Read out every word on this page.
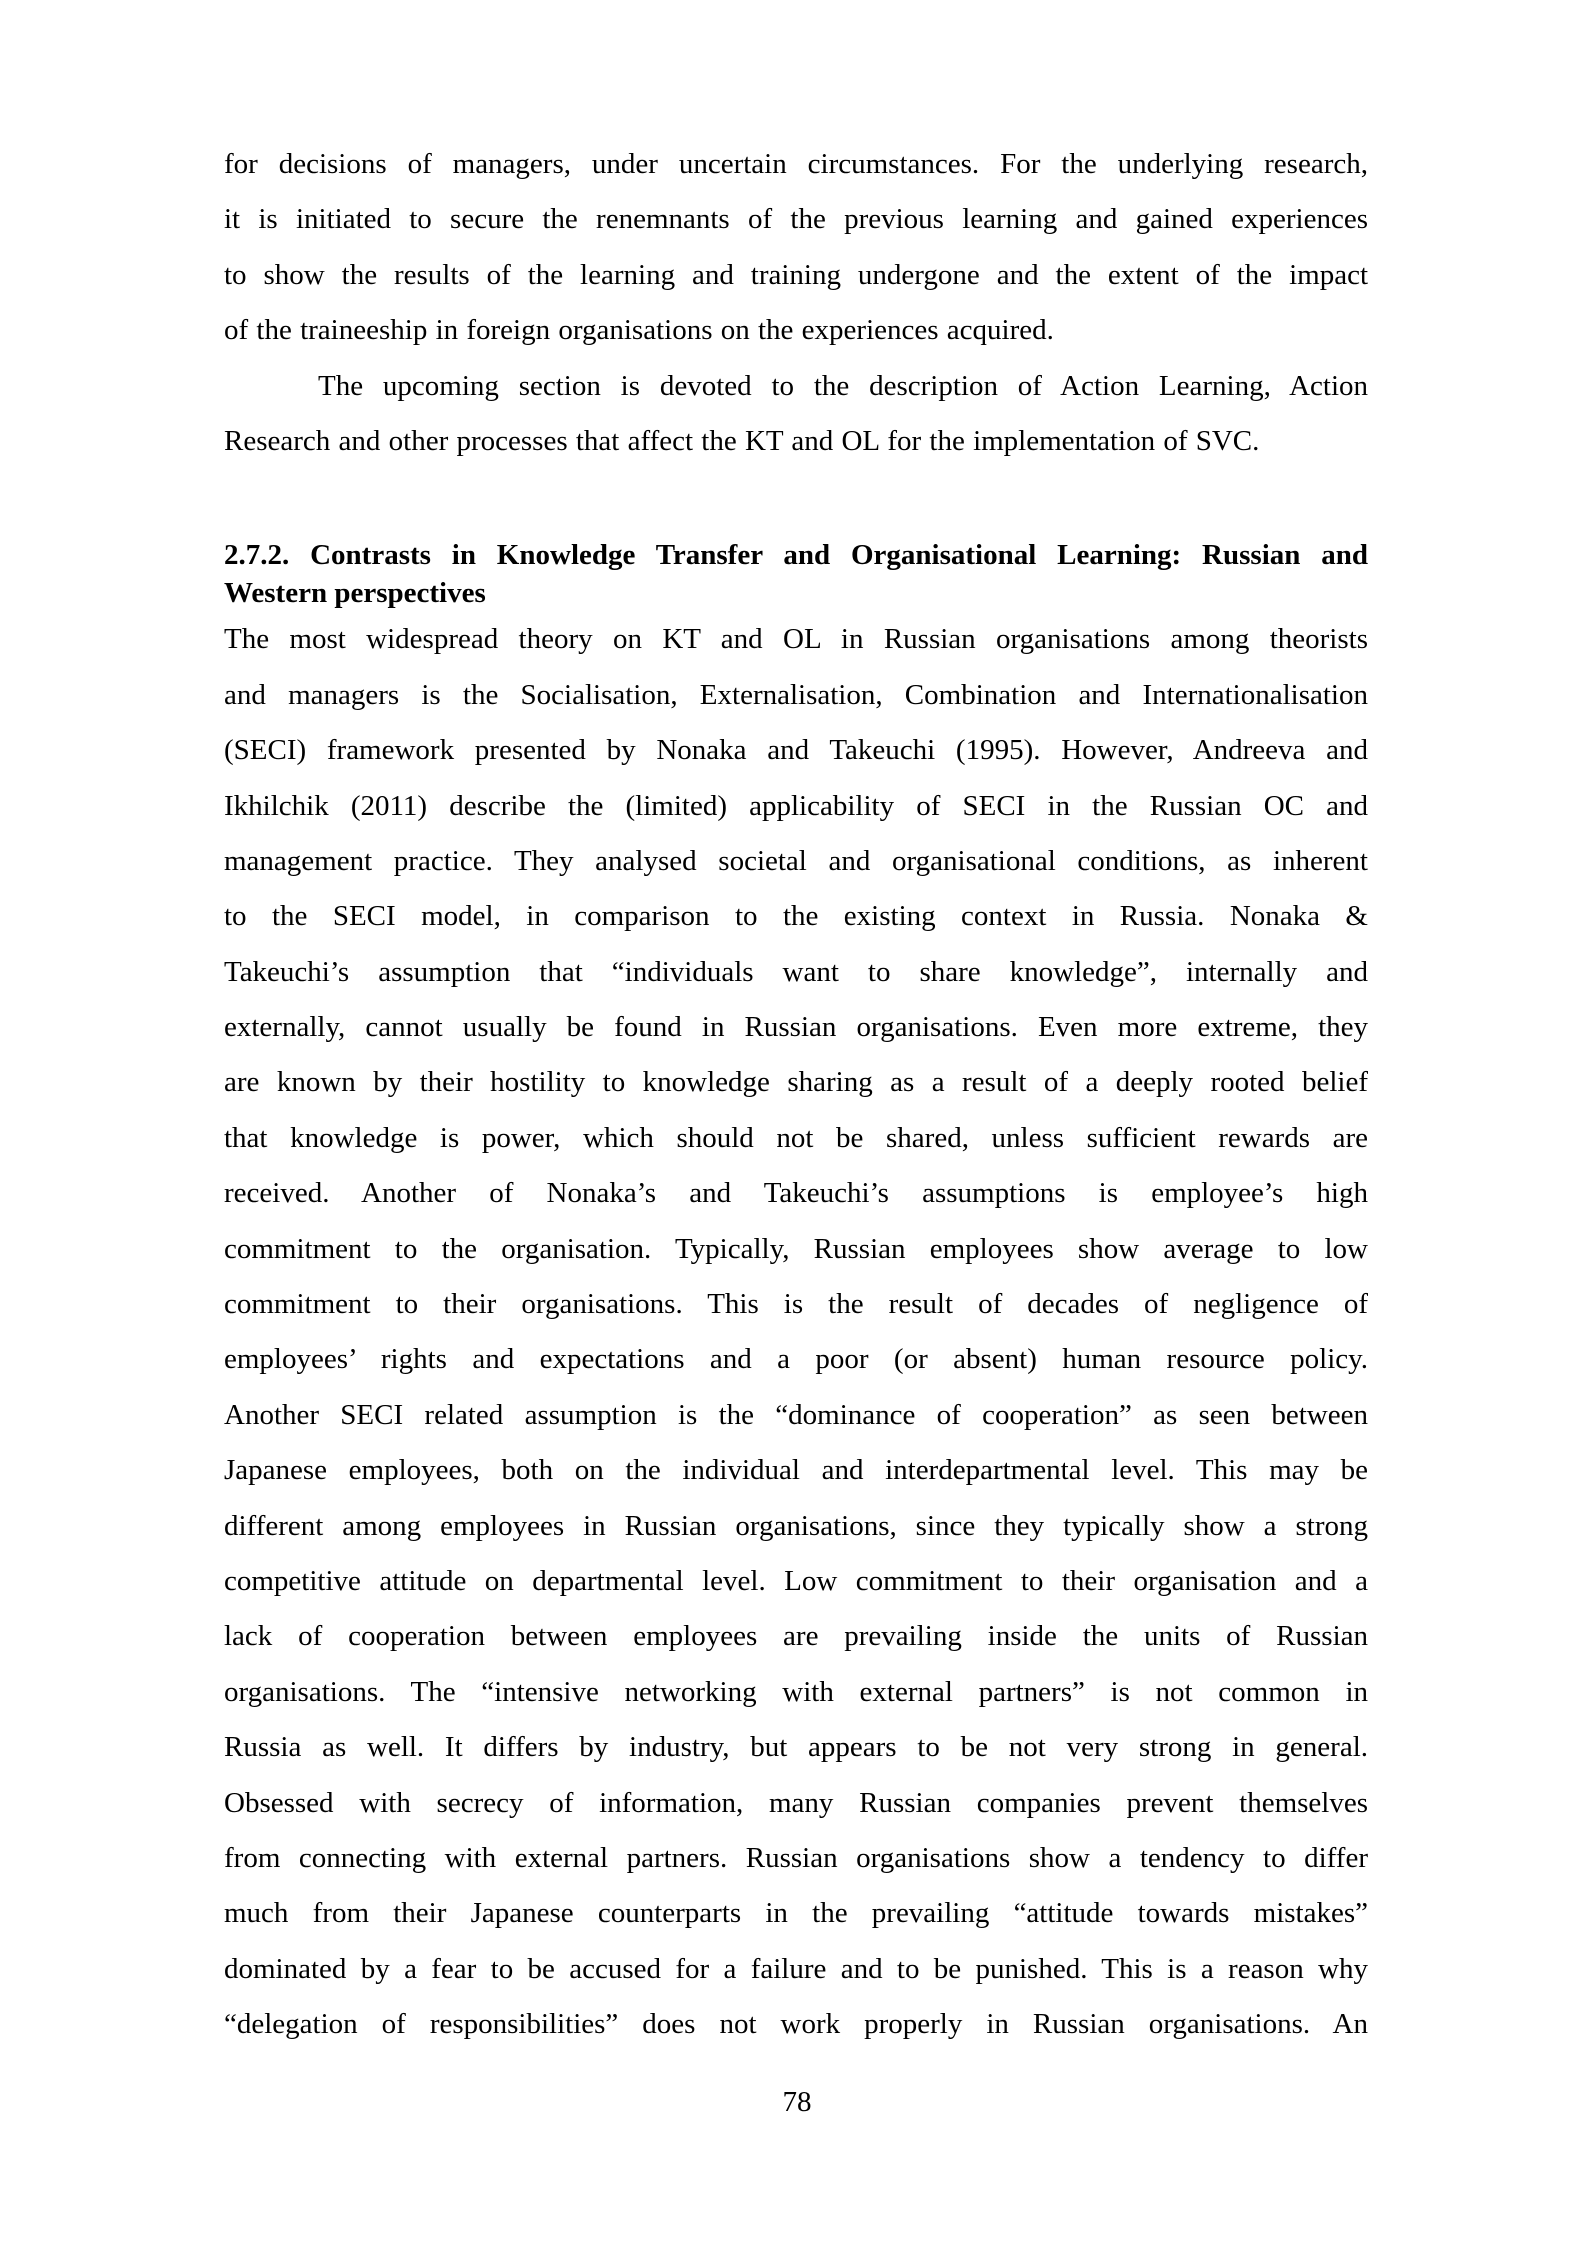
for decisions of managers, under uncertain circumstances. For the underlying research,
it is initiated to secure the renemnants of the previous learning and gained experiences
to show the results of the learning and training undergone and the extent of the impact
of the traineeship in foreign organisations on the experiences acquired.
The upcoming section is devoted to the description of Action Learning, Action
Research and other processes that affect the KT and OL for the implementation of SVC.
2.7.2. Contrasts in Knowledge Transfer and Organisational Learning: Russian and
Western perspectives
The most widespread theory on KT and OL in Russian organisations among theorists
and managers is the Socialisation, Externalisation, Combination and Internationalisation
(SECI) framework presented by Nonaka and Takeuchi (1995). However, Andreeva and
Ikhilchik (2011) describe the (limited) applicability of SECI in the Russian OC and
management practice. They analysed societal and organisational conditions, as inherent
to the SECI model, in comparison to the existing context in Russia. Nonaka &
Takeuchi’s assumption that “individuals want to share knowledge”, internally and
externally, cannot usually be found in Russian organisations. Even more extreme, they
are known by their hostility to knowledge sharing as a result of a deeply rooted belief
that knowledge is power, which should not be shared, unless sufficient rewards are
received. Another of Nonaka’s and Takeuchi’s assumptions is employee’s high
commitment to the organisation. Typically, Russian employees show average to low
commitment to their organisations. This is the result of decades of negligence of
employees’ rights and expectations and a poor (or absent) human resource policy.
Another SECI related assumption is the “dominance of cooperation” as seen between
Japanese employees, both on the individual and interdepartmental level. This may be
different among employees in Russian organisations, since they typically show a strong
competitive attitude on departmental level. Low commitment to their organisation and a
lack of cooperation between employees are prevailing inside the units of Russian
organisations. The “intensive networking with external partners” is not common in
Russia as well. It differs by industry, but appears to be not very strong in general.
Obsessed with secrecy of information, many Russian companies prevent themselves
from connecting with external partners. Russian organisations show a tendency to differ
much from their Japanese counterparts in the prevailing “attitude towards mistakes”
dominated by a fear to be accused for a failure and to be punished. This is a reason why
“delegation of responsibilities” does not work properly in Russian organisations. An
78
